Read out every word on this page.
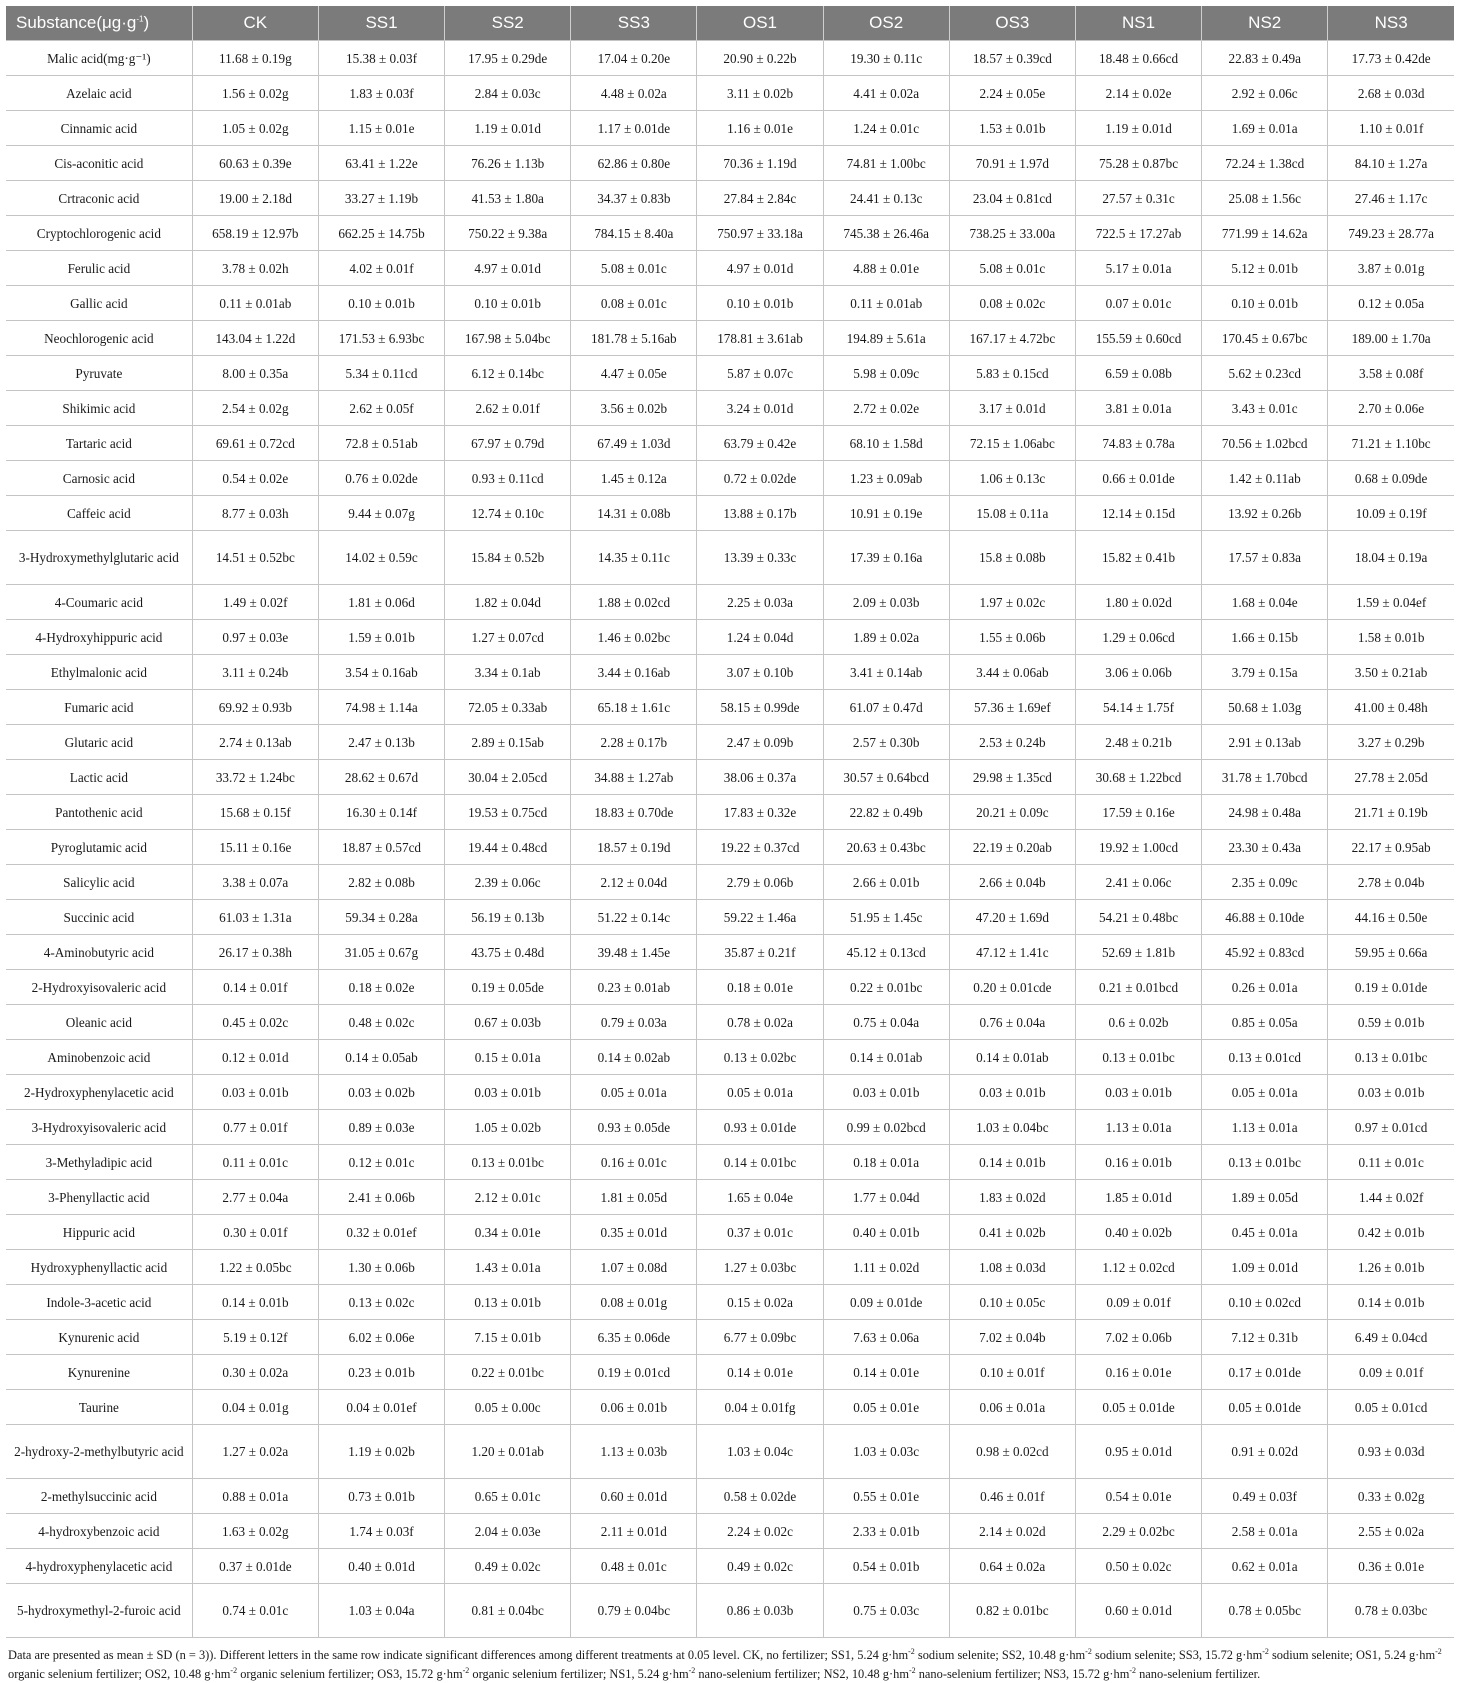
$Substance(\mu g\cdot g^{-1})$	CK	SS1	SS2	SS3	OS1	OS2	OS3	NS1	NS2	NS3
Malic acid(mg·g⁻¹)	11.68 ± 0.19g	15.38 ± 0.03f	17.95 ± 0.29de	17.04 ± 0.20e	20.90 ± 0.22b	19.30 ± 0.11c	18.57 ± 0.39cd	18.48 ± 0.66cd	22.83 ± 0.49a	17.73 ± 0.42de
Azelaic acid	1.56 ± 0.02g	1.83 ± 0.03f	2.84 ± 0.03c	4.48 ± 0.02a	3.11 ± 0.02b	4.41 ± 0.02a	2.24 ± 0.05e	2.14 ± 0.02e	2.92 ± 0.06c	2.68 ± 0.03d
Cinnamic acid	1.05 ± 0.02g	1.15 ± 0.01e	1.19 ± 0.01d	1.17 ± 0.01de	1.16 ± 0.01e	1.24 ± 0.01c	1.53 ± 0.01b	1.19 ± 0.01d	1.69 ± 0.01a	1.10 ± 0.01f
Cis-aconitic acid	60.63 ± 0.39e	63.41 ± 1.22e	76.26 ± 1.13b	62.86 ± 0.80e	70.36 ± 1.19d	74.81 ± 1.00bc	70.91 ± 1.97d	75.28 ± 0.87bc	72.24 ± 1.38cd	84.10 ± 1.27a
Crtraconic acid	19.00 ± 2.18d	33.27 ± 1.19b	41.53 ± 1.80a	34.37 ± 0.83b	27.84 ± 2.84c	24.41 ± 0.13c	23.04 ± 0.81cd	27.57 ± 0.31c	25.08 ± 1.56c	27.46 ± 1.17c
Cryptochlorogenic acid	658.19 ± 12.97b	662.25 ± 14.75b	750.22 ± 9.38a	784.15 ± 8.40a	750.97 ± 33.18a	745.38 ± 26.46a	738.25 ± 33.00a	722.5 ± 17.27ab	771.99 ± 14.62a	749.23 ± 28.77a
Ferulic acid	3.78 ± 0.02h	4.02 ± 0.01f	4.97 ± 0.01d	5.08 ± 0.01c	4.97 ± 0.01d	4.88 ± 0.01e	5.08 ± 0.01c	5.17 ± 0.01a	5.12 ± 0.01b	3.87 ± 0.01g
Gallic acid	0.11 ± 0.01ab	0.10 ± 0.01b	0.10 ± 0.01b	0.08 ± 0.01c	0.10 ± 0.01b	0.11 ± 0.01ab	0.08 ± 0.02c	0.07 ± 0.01c	0.10 ± 0.01b	0.12 ± 0.05a
Neochlorogenic acid	143.04 ± 1.22d	171.53 ± 6.93bc	167.98 ± 5.04bc	181.78 ± 5.16ab	178.81 ± 3.61ab	194.89 ± 5.61a	167.17 ± 4.72bc	155.59 ± 0.60cd	170.45 ± 0.67bc	189.00 ± 1.70a
Pyruvate	8.00 ± 0.35a	5.34 ± 0.11cd	6.12 ± 0.14bc	4.47 ± 0.05e	5.87 ± 0.07c	5.98 ± 0.09c	5.83 ± 0.15cd	6.59 ± 0.08b	5.62 ± 0.23cd	3.58 ± 0.08f
Shikimic acid	2.54 ± 0.02g	2.62 ± 0.05f	2.62 ± 0.01f	3.56 ± 0.02b	3.24 ± 0.01d	2.72 ± 0.02e	3.17 ± 0.01d	3.81 ± 0.01a	3.43 ± 0.01c	2.70 ± 0.06e
Tartaric acid	69.61 ± 0.72cd	72.8 ± 0.51ab	67.97 ± 0.79d	67.49 ± 1.03d	63.79 ± 0.42e	68.10 ± 1.58d	72.15 ± 1.06abc	74.83 ± 0.78a	70.56 ± 1.02bcd	71.21 ± 1.10bc
Carnosic acid	0.54 ± 0.02e	0.76 ± 0.02de	0.93 ± 0.11cd	1.45 ± 0.12a	0.72 ± 0.02de	1.23 ± 0.09ab	1.06 ± 0.13c	0.66 ± 0.01de	1.42 ± 0.11ab	0.68 ± 0.09de
Caffeic acid	8.77 ± 0.03h	9.44 ± 0.07g	12.74 ± 0.10c	14.31 ± 0.08b	13.88 ± 0.17b	10.91 ± 0.19e	15.08 ± 0.11a	12.14 ± 0.15d	13.92 ± 0.26b	10.09 ± 0.19f
3-Hydroxymethylglutaric acid	14.51 ± 0.52bc	14.02 ± 0.59c	15.84 ± 0.52b	14.35 ± 0.11c	13.39 ± 0.33c	17.39 ± 0.16a	15.8 ± 0.08b	15.82 ± 0.41b	17.57 ± 0.83a	18.04 ± 0.19a
4-Coumaric acid	1.49 ± 0.02f	1.81 ± 0.06d	1.82 ± 0.04d	1.88 ± 0.02cd	2.25 ± 0.03a	2.09 ± 0.03b	1.97 ± 0.02c	1.80 ± 0.02d	1.68 ± 0.04e	1.59 ± 0.04ef
4-Hydroxyhippuric acid	0.97 ± 0.03e	1.59 ± 0.01b	1.27 ± 0.07cd	1.46 ± 0.02bc	1.24 ± 0.04d	1.89 ± 0.02a	1.55 ± 0.06b	1.29 ± 0.06cd	1.66 ± 0.15b	1.58 ± 0.01b
Ethylmalonic acid	3.11 ± 0.24b	3.54 ± 0.16ab	3.34 ± 0.1ab	3.44 ± 0.16ab	3.07 ± 0.10b	3.41 ± 0.14ab	3.44 ± 0.06ab	3.06 ± 0.06b	3.79 ± 0.15a	3.50 ± 0.21ab
Fumaric acid	69.92 ± 0.93b	74.98 ± 1.14a	72.05 ± 0.33ab	65.18 ± 1.61c	58.15 ± 0.99de	61.07 ± 0.47d	57.36 ± 1.69ef	54.14 ± 1.75f	50.68 ± 1.03g	41.00 ± 0.48h
Glutaric acid	2.74 ± 0.13ab	2.47 ± 0.13b	2.89 ± 0.15ab	2.28 ± 0.17b	2.47 ± 0.09b	2.57 ± 0.30b	2.53 ± 0.24b	2.48 ± 0.21b	2.91 ± 0.13ab	3.27 ± 0.29b
Lactic acid	33.72 ± 1.24bc	28.62 ± 0.67d	30.04 ± 2.05cd	34.88 ± 1.27ab	38.06 ± 0.37a	30.57 ± 0.64bcd	29.98 ± 1.35cd	30.68 ± 1.22bcd	31.78 ± 1.70bcd	27.78 ± 2.05d
Pantothenic acid	15.68 ± 0.15f	16.30 ± 0.14f	19.53 ± 0.75cd	18.83 ± 0.70de	17.83 ± 0.32e	22.82 ± 0.49b	20.21 ± 0.09c	17.59 ± 0.16e	24.98 ± 0.48a	21.71 ± 0.19b
Pyroglutamic acid	15.11 ± 0.16e	18.87 ± 0.57cd	19.44 ± 0.48cd	18.57 ± 0.19d	19.22 ± 0.37cd	20.63 ± 0.43bc	22.19 ± 0.20ab	19.92 ± 1.00cd	23.30 ± 0.43a	22.17 ± 0.95ab
Salicylic acid	3.38 ± 0.07a	2.82 ± 0.08b	2.39 ± 0.06c	2.12 ± 0.04d	2.79 ± 0.06b	2.66 ± 0.01b	2.66 ± 0.04b	2.41 ± 0.06c	2.35 ± 0.09c	2.78 ± 0.04b
Succinic acid	61.03 ± 1.31a	59.34 ± 0.28a	56.19 ± 0.13b	51.22 ± 0.14c	59.22 ± 1.46a	51.95 ± 1.45c	47.20 ± 1.69d	54.21 ± 0.48bc	46.88 ± 0.10de	44.16 ± 0.50e
4-Aminobutyric acid	26.17 ± 0.38h	31.05 ± 0.67g	43.75 ± 0.48d	39.48 ± 1.45e	35.87 ± 0.21f	45.12 ± 0.13cd	47.12 ± 1.41c	52.69 ± 1.81b	45.92 ± 0.83cd	59.95 ± 0.66a
2-Hydroxyisovaleric acid	0.14 ± 0.01f	0.18 ± 0.02e	0.19 ± 0.05de	0.23 ± 0.01ab	0.18 ± 0.01e	0.22 ± 0.01bc	0.20 ± 0.01cde	0.21 ± 0.01bcd	0.26 ± 0.01a	0.19 ± 0.01de
Oleanic acid	0.45 ± 0.02c	0.48 ± 0.02c	0.67 ± 0.03b	0.79 ± 0.03a	0.78 ± 0.02a	0.75 ± 0.04a	0.76 ± 0.04a	0.6 ± 0.02b	0.85 ± 0.05a	0.59 ± 0.01b
Aminobenzoic acid	0.12 ± 0.01d	0.14 ± 0.05ab	0.15 ± 0.01a	0.14 ± 0.02ab	0.13 ± 0.02bc	0.14 ± 0.01ab	0.14 ± 0.01ab	0.13 ± 0.01bc	0.13 ± 0.01cd	0.13 ± 0.01bc
2-Hydroxyphenylacetic acid	0.03 ± 0.01b	0.03 ± 0.02b	0.03 ± 0.01b	0.05 ± 0.01a	0.05 ± 0.01a	0.03 ± 0.01b	0.03 ± 0.01b	0.03 ± 0.01b	0.05 ± 0.01a	0.03 ± 0.01b
3-Hydroxyisovaleric acid	0.77 ± 0.01f	0.89 ± 0.03e	1.05 ± 0.02b	0.93 ± 0.05de	0.93 ± 0.01de	0.99 ± 0.02bcd	1.03 ± 0.04bc	1.13 ± 0.01a	1.13 ± 0.01a	0.97 ± 0.01cd
3-Methyladipic acid	0.11 ± 0.01c	0.12 ± 0.01c	0.13 ± 0.01bc	0.16 ± 0.01c	0.14 ± 0.01bc	0.18 ± 0.01a	0.14 ± 0.01b	0.16 ± 0.01b	0.13 ± 0.01bc	0.11 ± 0.01c
3-Phenyllactic acid	2.77 ± 0.04a	2.41 ± 0.06b	2.12 ± 0.01c	1.81 ± 0.05d	1.65 ± 0.04e	1.77 ± 0.04d	1.83 ± 0.02d	1.85 ± 0.01d	1.89 ± 0.05d	1.44 ± 0.02f
Hippuric acid	0.30 ± 0.01f	0.32 ± 0.01ef	0.34 ± 0.01e	0.35 ± 0.01d	0.37 ± 0.01c	0.40 ± 0.01b	0.41 ± 0.02b	0.40 ± 0.02b	0.45 ± 0.01a	0.42 ± 0.01b
Hydroxyphenyllactic acid	1.22 ± 0.05bc	1.30 ± 0.06b	1.43 ± 0.01a	1.07 ± 0.08d	1.27 ± 0.03bc	1.11 ± 0.02d	1.08 ± 0.03d	1.12 ± 0.02cd	1.09 ± 0.01d	1.26 ± 0.01b
Indole-3-acetic acid	0.14 ± 0.01b	0.13 ± 0.02c	0.13 ± 0.01b	0.08 ± 0.01g	0.15 ± 0.02a	0.09 ± 0.01de	0.10 ± 0.05c	0.09 ± 0.01f	0.10 ± 0.02cd	0.14 ± 0.01b
Kynurenic acid	5.19 ± 0.12f	6.02 ± 0.06e	7.15 ± 0.01b	6.35 ± 0.06de	6.77 ± 0.09bc	7.63 ± 0.06a	7.02 ± 0.04b	7.02 ± 0.06b	7.12 ± 0.31b	6.49 ± 0.04cd
Kynurenine	0.30 ± 0.02a	0.23 ± 0.01b	0.22 ± 0.01bc	0.19 ± 0.01cd	0.14 ± 0.01e	0.14 ± 0.01e	0.10 ± 0.01f	0.16 ± 0.01e	0.17 ± 0.01de	0.09 ± 0.01f
Taurine	0.04 ± 0.01g	0.04 ± 0.01ef	0.05 ± 0.00c	0.06 ± 0.01b	0.04 ± 0.01fg	0.05 ± 0.01e	0.06 ± 0.01a	0.05 ± 0.01de	0.05 ± 0.01de	0.05 ± 0.01cd
2-hydroxy-2-methylbutyric acid	1.27 ± 0.02a	1.19 ± 0.02b	1.20 ± 0.01ab	1.13 ± 0.03b	1.03 ± 0.04c	1.03 ± 0.03c	0.98 ± 0.02cd	0.95 ± 0.01d	0.91 ± 0.02d	0.93 ± 0.03d
2-methylsuccinic acid	0.88 ± 0.01a	0.73 ± 0.01b	0.65 ± 0.01c	0.60 ± 0.01d	0.58 ± 0.02de	0.55 ± 0.01e	0.46 ± 0.01f	0.54 ± 0.01e	0.49 ± 0.03f	0.33 ± 0.02g
4-hydroxybenzoic acid	1.63 ± 0.02g	1.74 ± 0.03f	2.04 ± 0.03e	2.11 ± 0.01d	2.24 ± 0.02c	2.33 ± 0.01b	2.14 ± 0.02d	2.29 ± 0.02bc	2.58 ± 0.01a	2.55 ± 0.02a
4-hydroxyphenylacetic acid	0.37 ± 0.01de	0.40 ± 0.01d	0.49 ± 0.02c	0.48 ± 0.01c	0.49 ± 0.02c	0.54 ± 0.01b	0.64 ± 0.02a	0.50 ± 0.02c	0.62 ± 0.01a	0.36 ± 0.01e
5-hydroxymethyl-2-furoic acid	0.74 ± 0.01c	1.03 ± 0.04a	0.81 ± 0.04bc	0.79 ± 0.04bc	0.86 ± 0.03b	0.75 ± 0.03c	0.82 ± 0.01bc	0.60 ± 0.01d	0.78 ± 0.05bc	0.78 ± 0.03bc
Data are presented as mean ± SD (n = 3)). Different letters in the same row indicate significant differences among different treatments at 0.05 level. CK, no fertilizer; SS1, 5.24 $g\cdot hm^{-2}$ sodium selenite; SS2, 10.48 $g\cdot hm^{-2}$ sodium selenite; SS3, 15.72 $g\cdot hm^{-2}$ sodium selenite; OS1, 5.24 $g\cdot hm^{-2}$ organic selenium fertilizer; OS2, 10.48 $g\cdot hm^{-2}$ organic selenium fertilizer; OS3, 15.72 $g\cdot hm^{-2}$ organic selenium fertilizer; NS1, 5.24 $g\cdot hm^{-2}$ nano-selenium fertilizer; NS2, 10.48 $g\cdot hm^{-2}$ nano-selenium fertilizer; NS3, 15.72 $g\cdot hm^{-2}$ nano-selenium fertilizer.
